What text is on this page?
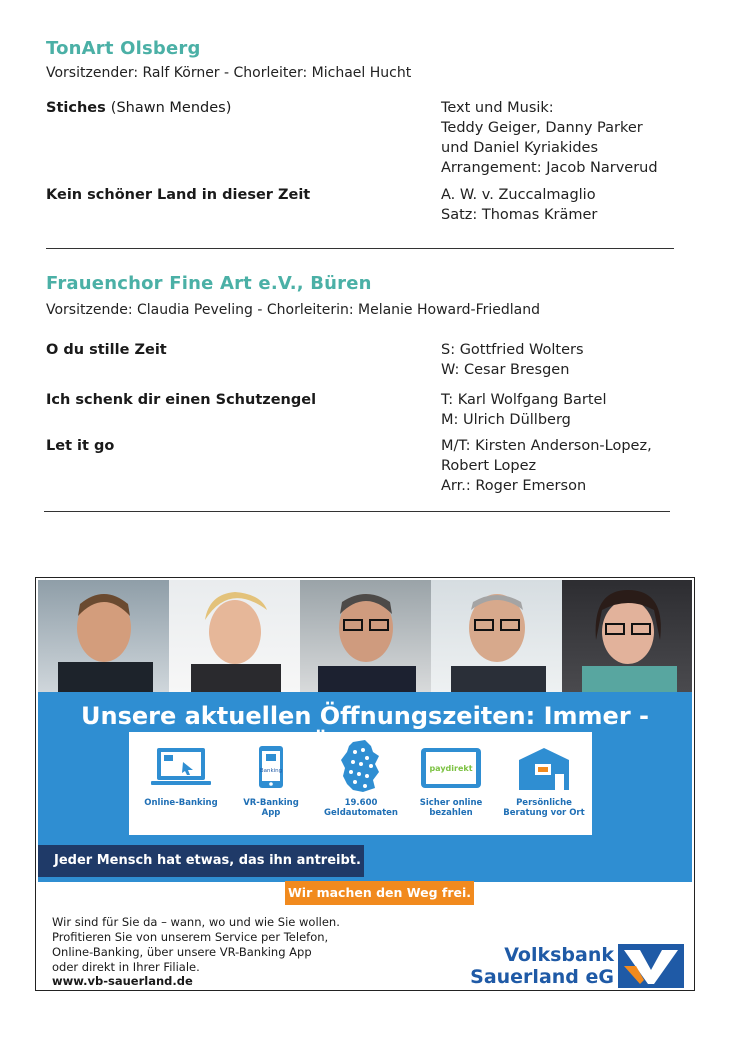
TonArt Olsberg
Vorsitzender: Ralf Körner - Chorleiter: Michael Hucht
Stiches (Shawn Mendes)	Text und Musik:
Teddy Geiger, Danny Parker
und Daniel Kyriakides
Arrangement: Jacob Narverud
Kein schöner Land in dieser Zeit	A. W. v. Zuccalmaglio
Satz: Thomas Krämer
Frauenchor Fine Art e.V., Büren
Vorsitzende: Claudia Peveling - Chorleiterin: Melanie Howard-Friedland
O du stille Zeit	S: Gottfried Wolters
W: Cesar Bresgen
Ich schenk dir einen Schutzengel	T: Karl Wolfgang Bartel
M: Ulrich Düllberg
Let it go	M/T: Kirsten Anderson-Lopez,
Robert Lopez
Arr.: Roger Emerson
Unsere aktuellen Öffnungszeiten: Immer -
Online-Banking
Banking
VR-Banking App
19.600
Geldautomaten
paydirekt
Sicher online
bezahlen
Persönliche
Beratung vor Ort
Jeder Mensch hat etwas, das ihn antreibt.
Wir machen den Weg frei.
Wir sind für Sie da – wann, wo und wie Sie wollen.
Profitieren Sie von unserem Service per Telefon,
Online-Banking, über unsere VR-Banking App
oder direkt in Ihrer Filiale.
www.vb-sauerland.de
Volksbank
Sauerland eG
